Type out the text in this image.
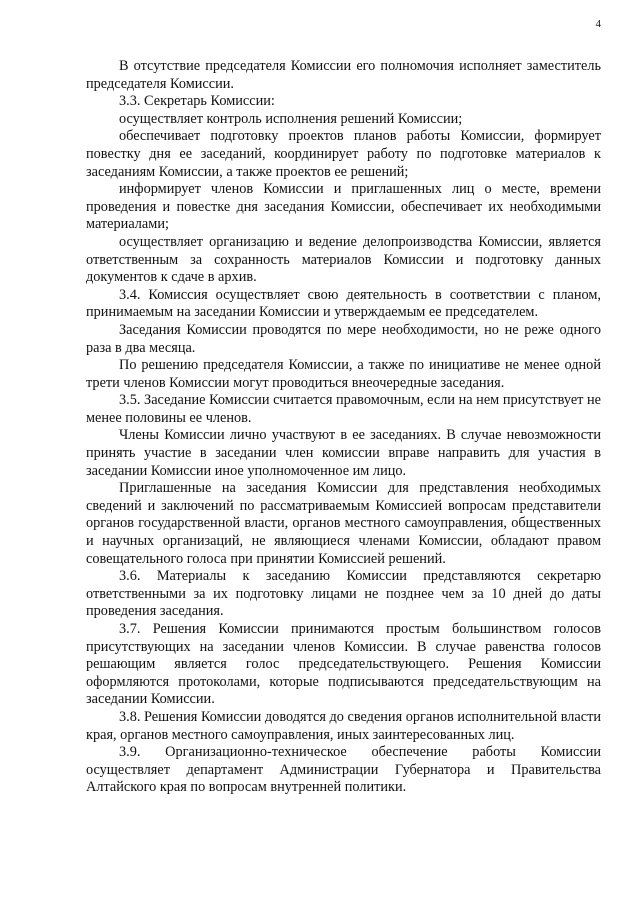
4

В отсутствие председателя Комиссии его полномочия исполняет заместитель председателя Комиссии.

3.3. Секретарь Комиссии:

осуществляет контроль исполнения решений Комиссии;

обеспечивает подготовку проектов планов работы Комиссии, формирует повестку дня ее заседаний, координирует работу по подготовке материалов к заседаниям Комиссии, а также проектов ее решений;

информирует членов Комиссии и приглашенных лиц о месте, времени проведения и повестке дня заседания Комиссии, обеспечивает их необходимыми материалами;

осуществляет организацию и ведение делопроизводства Комиссии, является ответственным за сохранность материалов Комиссии и подготовку данных документов к сдаче в архив.

3.4. Комиссия осуществляет свою деятельность в соответствии с планом, принимаемым на заседании Комиссии и утверждаемым ее председателем.

Заседания Комиссии проводятся по мере необходимости, но не реже одного раза в два месяца.

По решению председателя Комиссии, а также по инициативе не менее одной трети членов Комиссии могут проводиться внеочередные заседания.

3.5. Заседание Комиссии считается правомочным, если на нем присутствует не менее половины ее членов.

Члены Комиссии лично участвуют в ее заседаниях. В случае невозможности принять участие в заседании член комиссии вправе направить для участия в заседании Комиссии иное уполномоченное им лицо.

Приглашенные на заседания Комиссии для представления необходимых сведений и заключений по рассматриваемым Комиссией вопросам представители органов государственной власти, органов местного самоуправления, общественных и научных организаций, не являющиеся членами Комиссии, обладают правом совещательного голоса при принятии Комиссией решений.

3.6. Материалы к заседанию Комиссии представляются секретарю ответственными за их подготовку лицами не позднее чем за 10 дней до даты проведения заседания.

3.7. Решения Комиссии принимаются простым большинством голосов присутствующих на заседании членов Комиссии. В случае равенства голосов решающим является голос председательствующего. Решения Комиссии оформляются протоколами, которые подписываются председательствующим на заседании Комиссии.

3.8. Решения Комиссии доводятся до сведения органов исполнительной власти края, органов местного самоуправления, иных заинтересованных лиц.

3.9. Организационно-техническое обеспечение работы Комиссии осуществляет департамент Администрации Губернатора и Правительства Алтайского края по вопросам внутренней политики.
